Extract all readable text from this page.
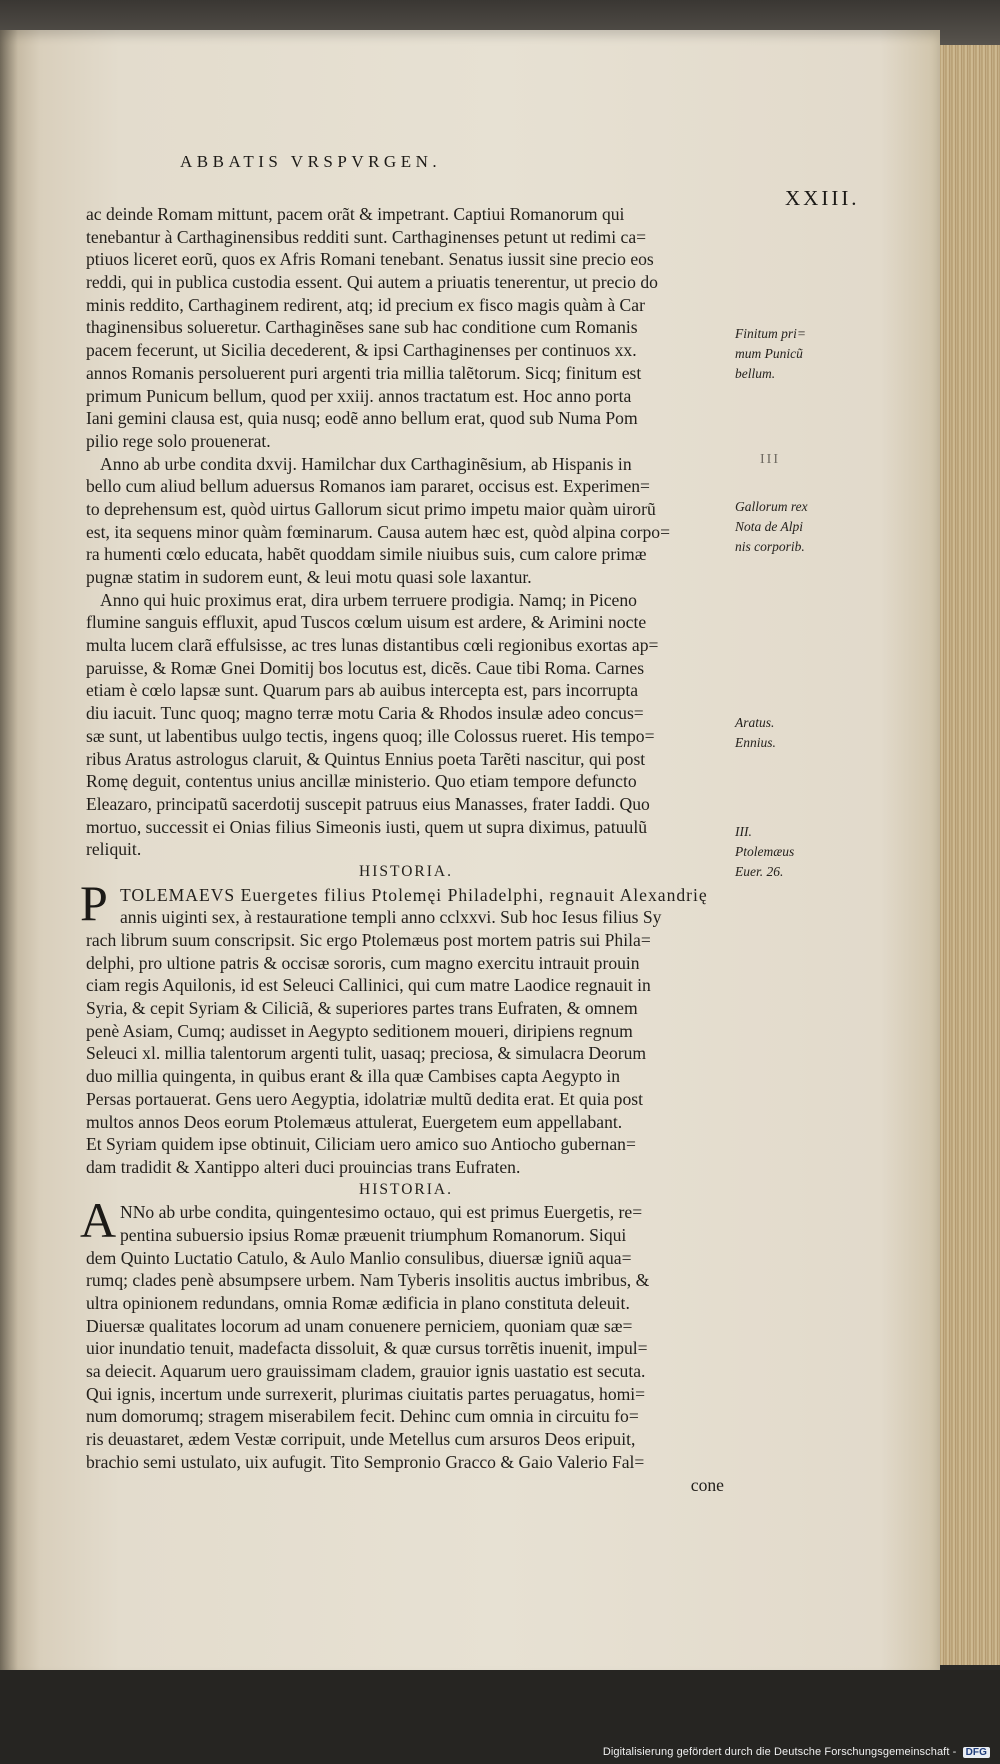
ABBATIS VRSPVRGEN.
XXIII.
ac deinde Romam mittunt, pacem orãt & impetrant. Captiui Romanorum qui
tenebantur à Carthaginensibus redditi sunt. Carthaginenses petunt ut redimi ca=
ptiuos liceret eorũ, quos ex Afris Romani tenebant. Senatus iussit sine precio eos
reddi, qui in publica custodia essent. Qui autem a priuatis tenerentur, ut precio do
minis reddito, Carthaginem redirent, atq; id precium ex fisco magis quàm à Car
thaginensibus solueretur. Carthaginẽses sane sub hac conditione cum Romanis
pacem fecerunt, ut Sicilia decederent, & ipsi Carthaginenses per continuos xx.
annos Romanis persoluerent puri argenti tria millia talẽtorum. Sicq; finitum est
primum Punicum bellum, quod per xxiij. annos tractatum est. Hoc anno porta
Iani gemini clausa est, quia nusq; eodẽ anno bellum erat, quod sub Numa Pom
pilio rege solo prouenerat.
Anno ab urbe condita dxvij. Hamilchar dux Carthaginẽsium, ab Hispanis in
bello cum aliud bellum aduersus Romanos iam pararet, occisus est. Experimen=
to deprehensum est, quòd uirtus Gallorum sicut primo impetu maior quàm uirorũ
est, ita sequens minor quàm fœminarum. Causa autem hæc est, quòd alpina corpo=
ra humenti cœlo educata, habẽt quoddam simile niuibus suis, cum calore primæ
pugnæ statim in sudorem eunt, & leui motu quasi sole laxantur.
Anno qui huic proximus erat, dira urbem terruere prodigia. Namq; in Piceno
flumine sanguis effluxit, apud Tuscos cœlum uisum est ardere, & Arimini nocte
multa lucem clarã effulsisse, ac tres lunas distantibus cœli regionibus exortas ap=
paruisse, & Romæ Gnei Domitij bos locutus est, dicẽs. Caue tibi Roma. Carnes
etiam è cœlo lapsæ sunt. Quarum pars ab auibus intercepta est, pars incorrupta
diu iacuit. Tunc quoq; magno terræ motu Caria & Rhodos insulæ adeo concus=
sæ sunt, ut labentibus uulgo tectis, ingens quoq; ille Colossus rueret. His tempo=
ribus Aratus astrologus claruit, & Quintus Ennius poeta Tarẽti nascitur, qui post
Romę deguit, contentus unius ancillæ ministerio. Quo etiam tempore defuncto
Eleazaro, principatũ sacerdotij suscepit patruus eius Manasses, frater Iaddi. Quo
mortuo, successit ei Onias filius Simeonis iusti, quem ut supra diximus, patuulũ
reliquit.
HISTORIA.
P TOLEMAEVS Euergetes filius Ptolemęi Philadelphi, regnauit Alexandrię
annis uiginti sex, à restauratione templi anno cclxxvi. Sub hoc Iesus filius Sy
rach librum suum conscripsit. Sic ergo Ptolemæus post mortem patris sui Phila=
delphi, pro ultione patris & occisæ sororis, cum magno exercitu intrauit prouin
ciam regis Aquilonis, id est Seleuci Callinici, qui cum matre Laodice regnauit in
Syria, & cepit Syriam & Ciliciã, & superiores partes trans Eufraten, & omnem
penè Asiam, Cumq; audisset in Aegypto seditionem moueri, diripiens regnum
Seleuci xl. millia talentorum argenti tulit, uasaq; preciosa, & simulacra Deorum
duo millia quingenta, in quibus erant & illa quæ Cambises capta Aegypto in
Persas portauerat. Gens uero Aegyptia, idolatriæ multũ dedita erat. Et quia post
multos annos Deos eorum Ptolemæus attulerat, Euergetem eum appellabant.
Et Syriam quidem ipse obtinuit, Ciliciam uero amico suo Antiocho gubernan=
dam tradidit & Xantippo alteri duci prouincias trans Eufraten.
HISTORIA.
A NNo ab urbe condita, quingentesimo octauo, qui est primus Euergetis, re=
pentina subuersio ipsius Romæ præuenit triumphum Romanorum. Siqui
dem Quinto Luctatio Catulo, & Aulo Manlio consulibus, diuersæ igniũ aqua=
rumq; clades penè absumpsere urbem. Nam Tyberis insolitis auctus imbribus, &
ultra opinionem redundans, omnia Romæ ædificia in plano constituta deleuit.
Diuersæ qualitates locorum ad unam conuenere perniciem, quoniam quæ sæ=
uior inundatio tenuit, madefacta dissoluit, & quæ cursus torrẽtis inuenit, impul=
sa deiecit. Aquarum uero grauissimam cladem, grauior ignis uastatio est secuta.
Qui ignis, incertum unde surrexerit, plurimas ciuitatis partes peruagatus, homi=
num domorumq; stragem miserabilem fecit. Dehinc cum omnia in circuitu fo=
ris deuastaret, ædem Vestæ corripuit, unde Metellus cum arsuros Deos eripuit,
brachio semi ustulato, uix aufugit. Tito Sempronio Gracco & Gaio Valerio Fal=
cone
Finitum pri=
mum Punicũ
bellum.
III
Gallorum rex
Nota de Alpi
nis corporib.
Aratus.
Ennius.
III.
Ptolemæus
Euer. 26.
Digitalisierung gefördert durch die Deutsche Forschungsgemeinschaft - DFG
